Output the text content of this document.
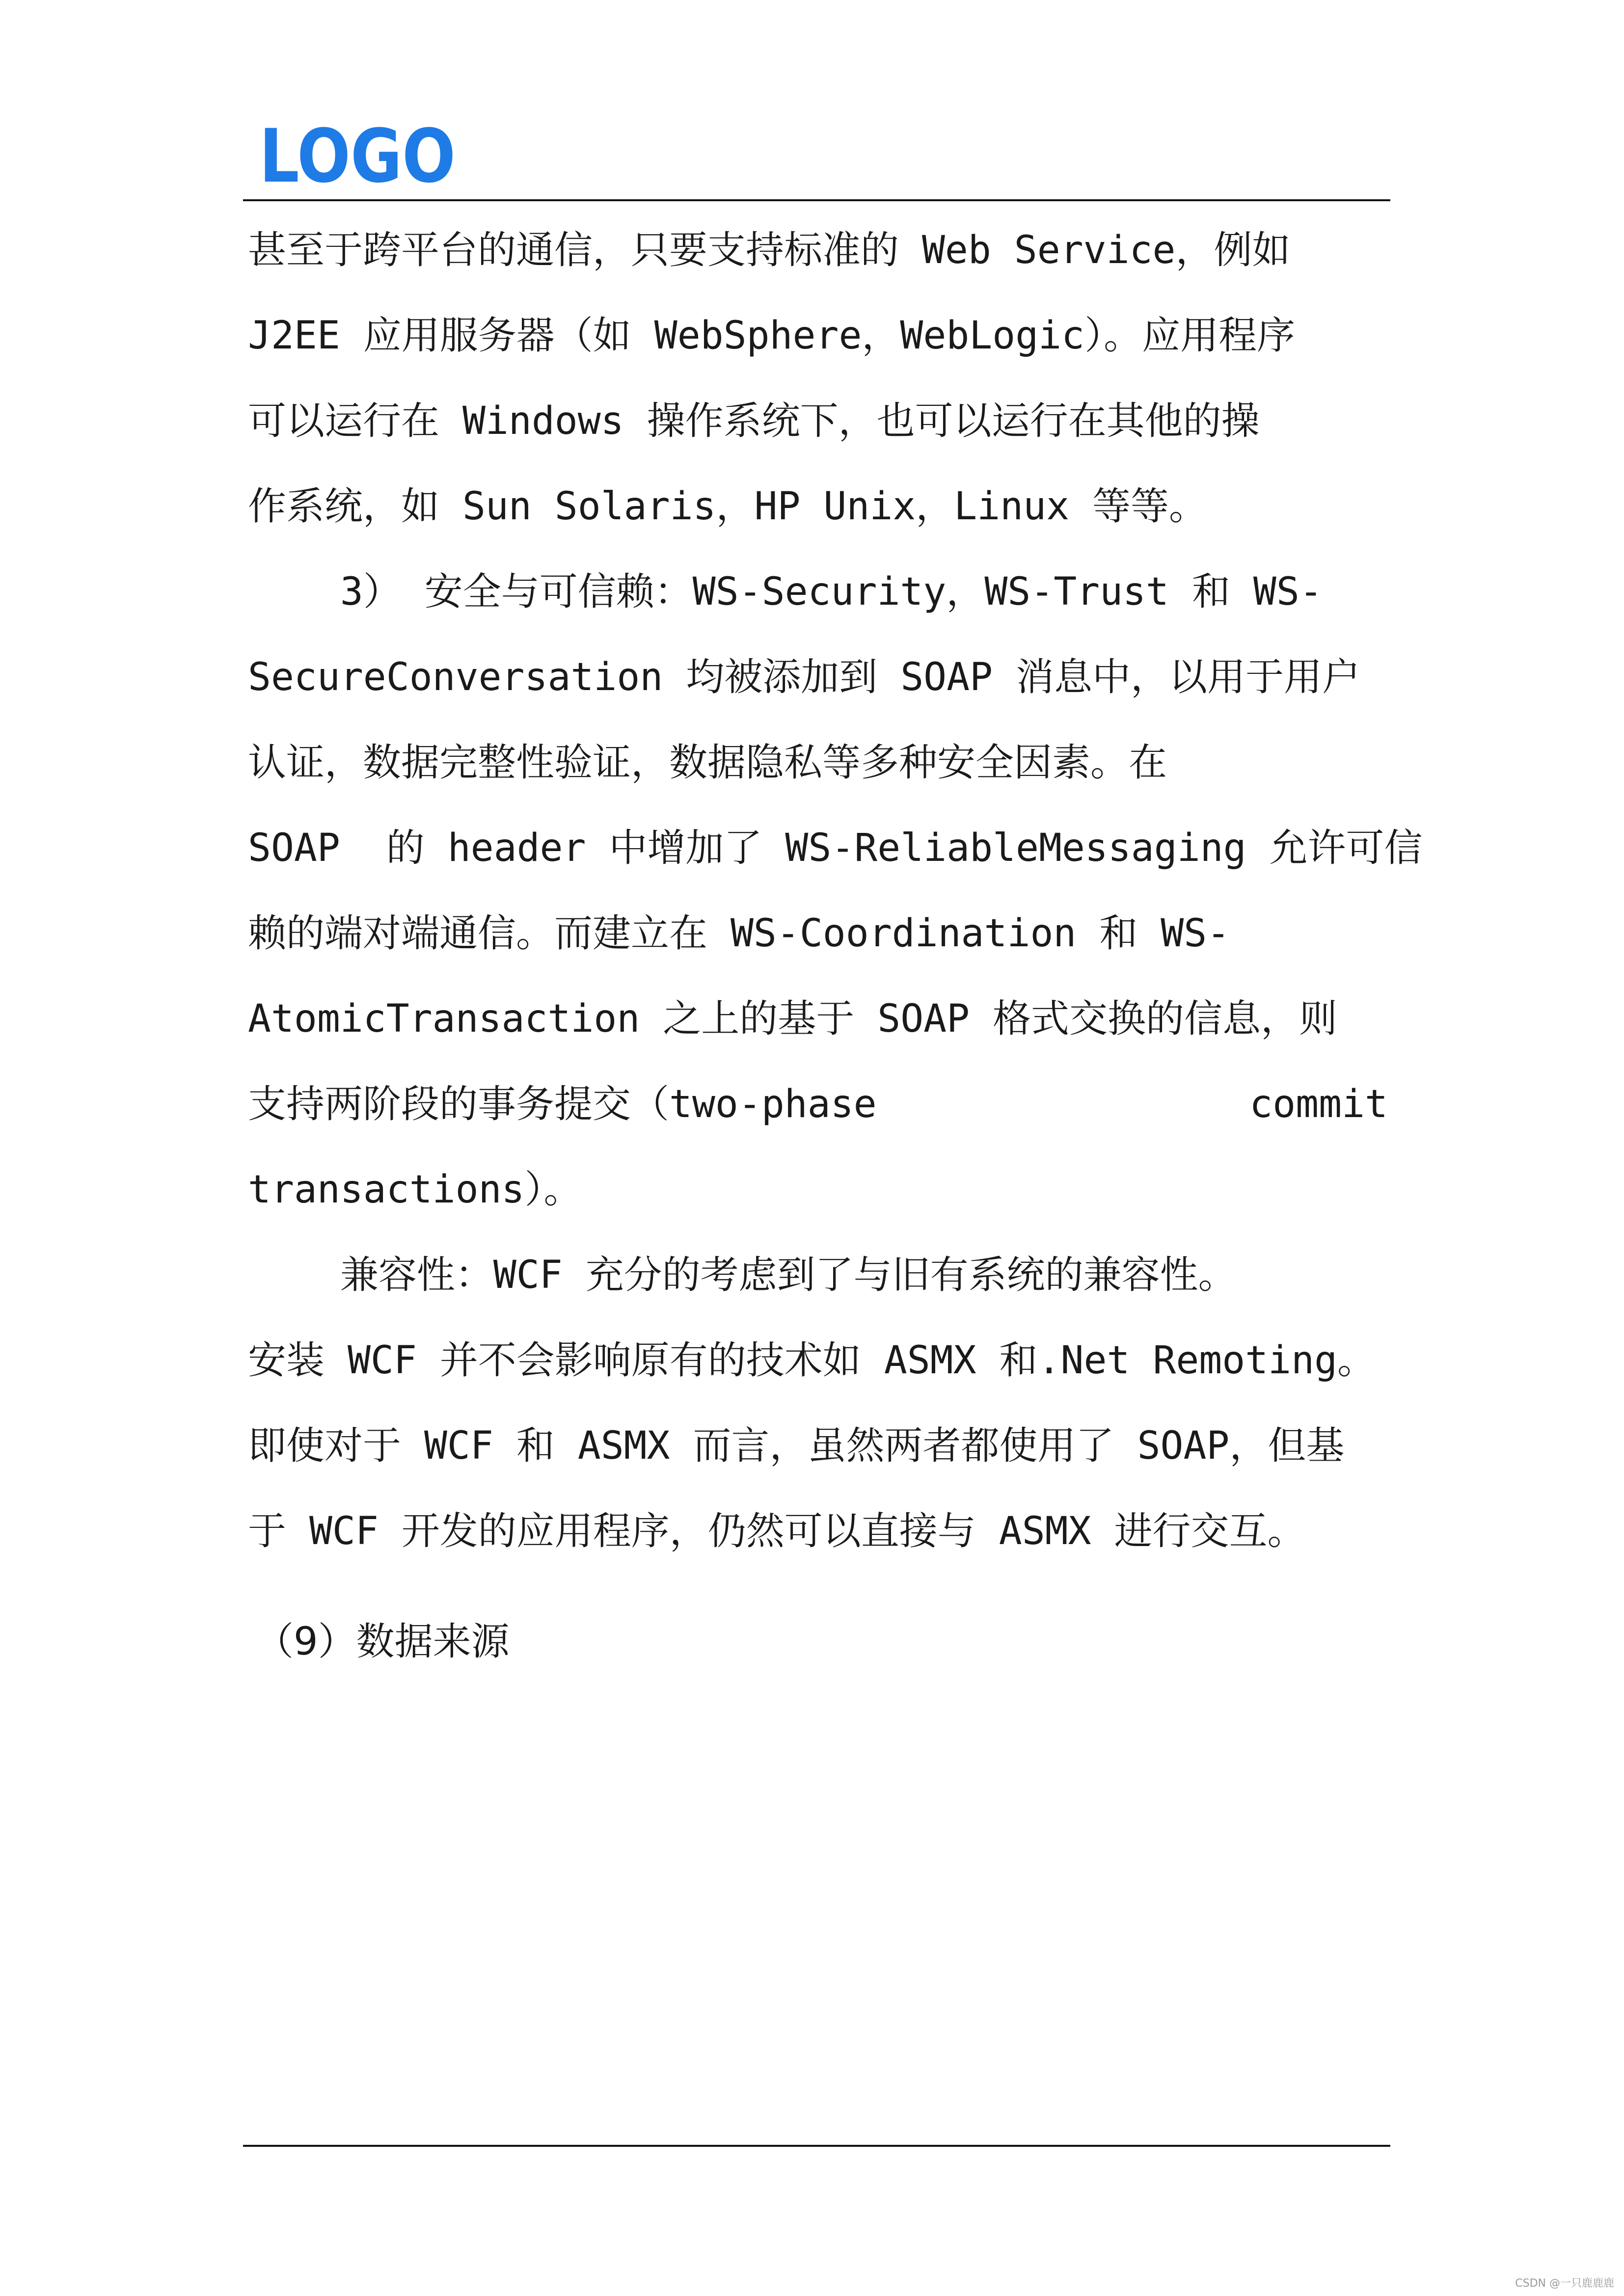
LOGO
甚至于跨平台的通信，只要支持标准的 Web Service，例如
J2EE 应用服务器（如 WebSphere，WebLogic）。应用程序
可以运行在 Windows 操作系统下，也可以运行在其他的操
作系统，如 Sun Solaris，HP Unix，Linux 等等。
3） 安全与可信赖：WS-Security，WS-Trust 和 WS-
SecureConversation 均被添加到 SOAP 消息中，以用于用户
认证，数据完整性验证，数据隐私等多种安全因素。在
SOAP  的 header 中增加了 WS-ReliableMessaging 允许可信
赖的端对端通信。而建立在 WS-Coordination 和 WS-
AtomicTransaction 之上的基于 SOAP 格式交换的信息，则
支持两阶段的事务提交（two-phase	commit
transactions）。
兼容性：WCF 充分的考虑到了与旧有系统的兼容性。
安装 WCF 并不会影响原有的技术如 ASMX 和.Net Remoting。
即使对于 WCF 和 ASMX 而言，虽然两者都使用了 SOAP，但基
于 WCF 开发的应用程序，仍然可以直接与 ASMX 进行交互。
（9）数据来源
CSDN @一只鹿鹿鹿
